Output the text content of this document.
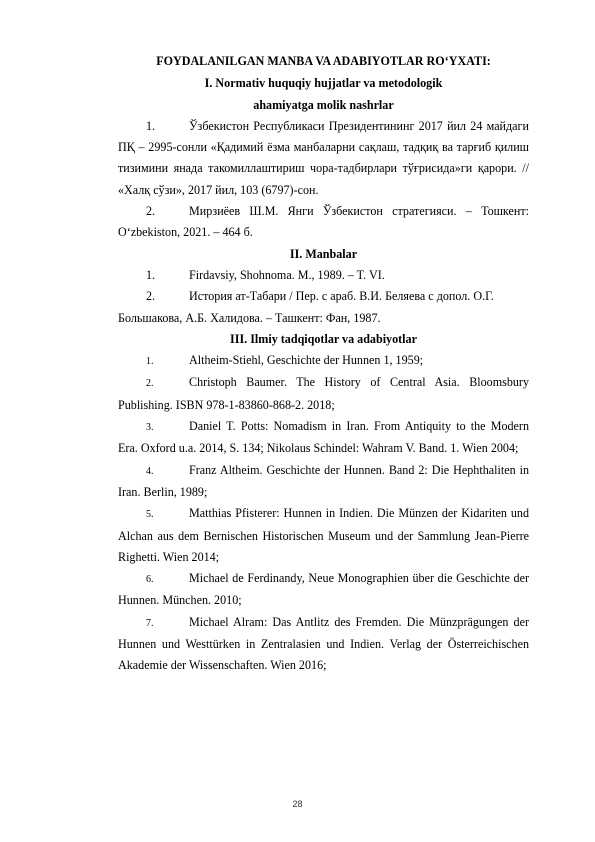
FOYDALANILGAN MANBA VA ADABIYOTLAR RO‘YXATI:

I. Normativ huquqiy hujjatlar va metodologik
ahamiyatga molik nashrlar

1.	Ўзбекистон Республикаси Президентининг 2017 йил 24 майдаги ПҚ – 2995-сонли «Қадимий ёзма манбаларни сақлаш, тадқиқ ва тарғиб қилиш тизимини янада такомиллаштириш чора-тадбирлари тўғрисида»ги қарори. // «Халқ сўзи», 2017 йил, 103 (6797)-сон.

2.	Мирзиёев Ш.М. Янги Ўзбекистон стратегияси. – Тошкент: O‘zbekiston, 2021. – 464 б.

II. Manbalar

1.	Firdavsiy, Shohnoma. M., 1989. – T. VI.

2.	История ат-Табари / Пер. с араб. В.И. Беляева с допол. О.Г.

Большакова, А.Б. Халидова. – Ташкент: Фан, 1987.

III. Ilmiy tadqiqotlar va adabiyotlar

1.	Altheim-Stiehl, Geschichte der Hunnen 1, 1959;

2.	Christoph Baumer. The History of Central Asia. Bloomsbury Publishing. ISBN 978-1-83860-868-2. 2018;

3.	Daniel T. Potts: Nomadism in Iran. From Antiquity to the Modern Era. Oxford u.a. 2014, S. 134; Nikolaus Schindel: Wahram V. Band. 1. Wien 2004;

4.	Franz Altheim. Geschichte der Hunnen. Band 2: Die Hephthaliten in Iran. Berlin, 1989;

5.	Matthias Pfisterer: Hunnen in Indien. Die Münzen der Kidariten und Alchan aus dem Bernischen Historischen Museum und der Sammlung Jean-Pierre Righetti. Wien 2014;

6.	Michael de Ferdinandy, Neue Monographien über die Geschichte der Hunnen. München. 2010;

7.	Michael Alram: Das Antlitz des Fremden. Die Münzprägungen der Hunnen und Westtürken in Zentralasien und Indien. Verlag der Österreichischen Akademie der Wissenschaften. Wien 2016;

28
